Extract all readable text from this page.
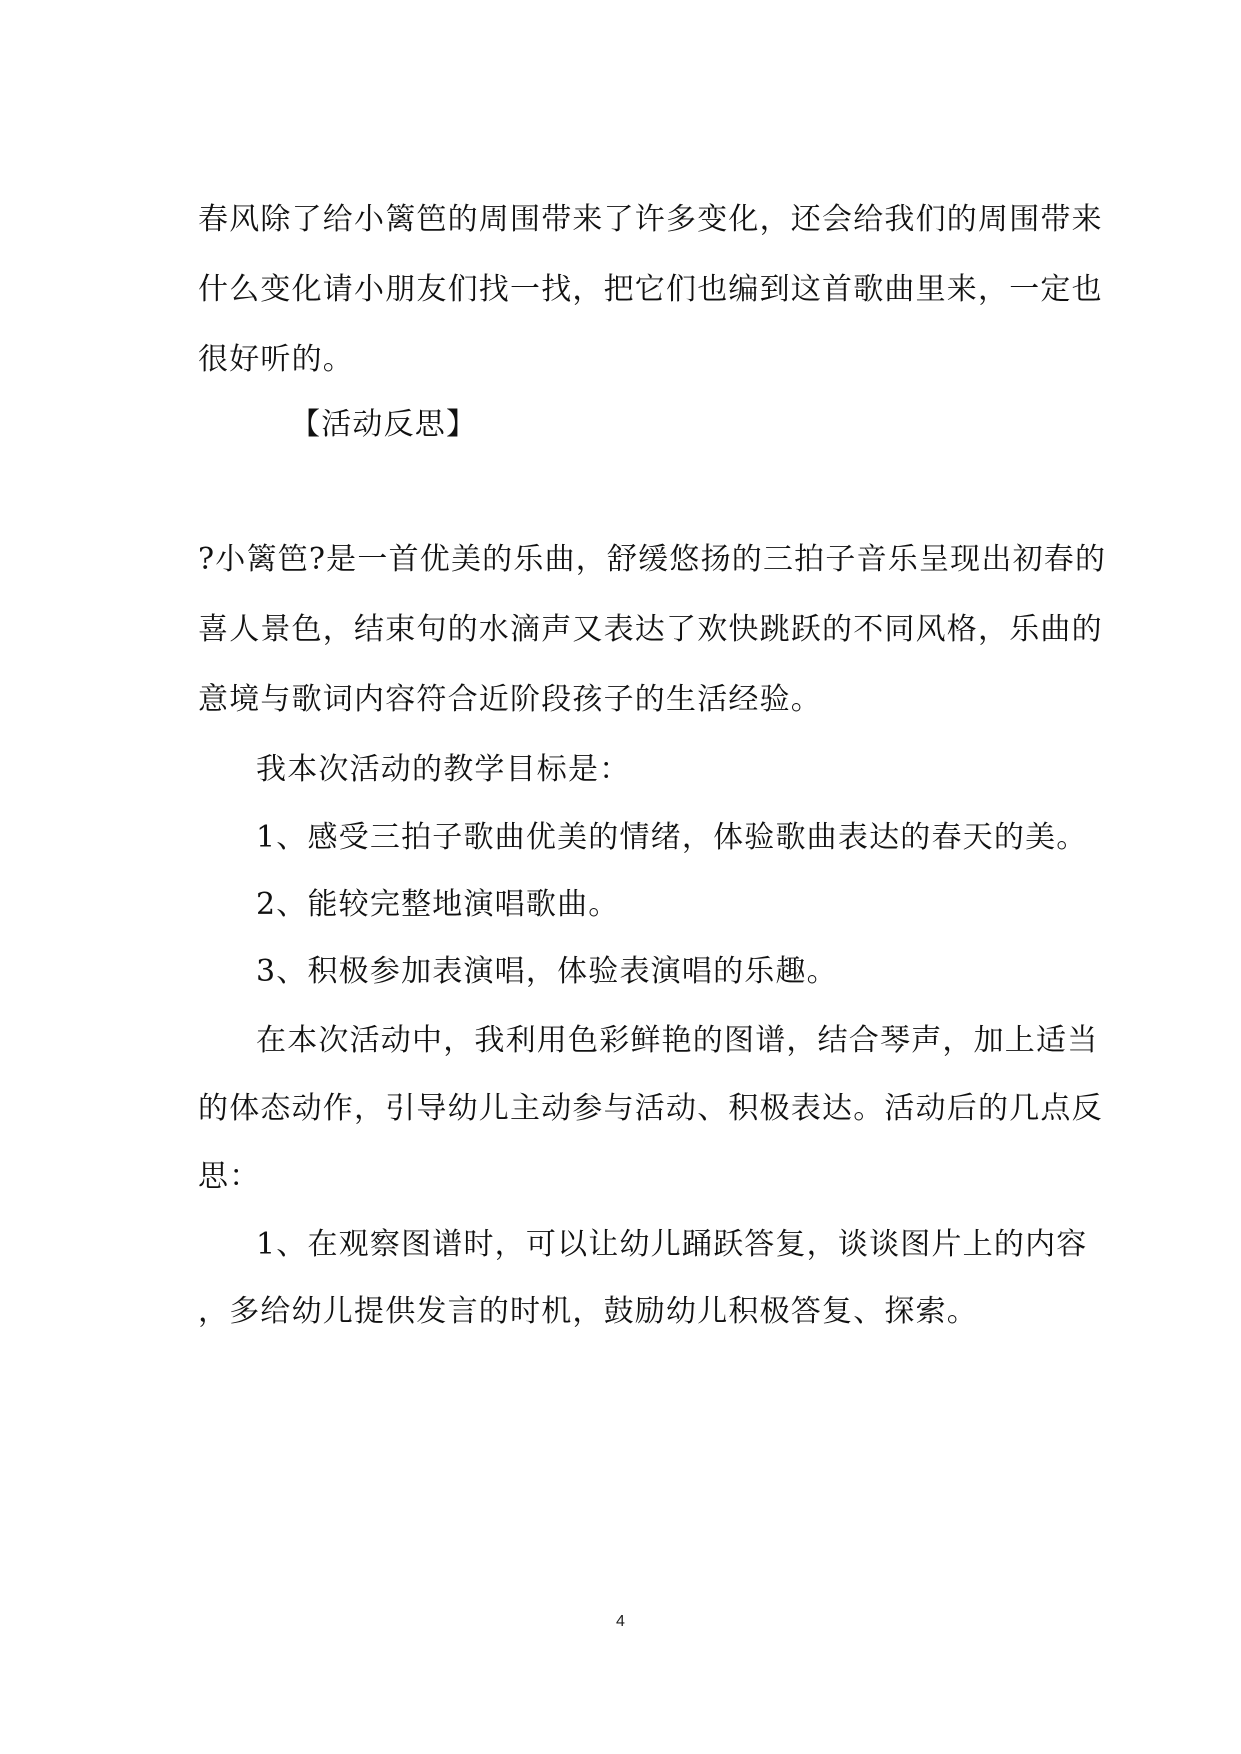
春风除了给小篱笆的周围带来了许多变化，还会给我们的周围带来
什么变化请小朋友们找一找，把它们也编到这首歌曲里来，一定也
很好听的。
【活动反思】
?小篱笆?是一首优美的乐曲，舒缓悠扬的三拍子音乐呈现出初春的
喜人景色，结束句的水滴声又表达了欢快跳跃的不同风格，乐曲的
意境与歌词内容符合近阶段孩子的生活经验。
我本次活动的教学目标是：
1、感受三拍子歌曲优美的情绪，体验歌曲表达的春天的美。
2、能较完整地演唱歌曲。
3、积极参加表演唱，体验表演唱的乐趣。
在本次活动中，我利用色彩鲜艳的图谱，结合琴声，加上适当
的体态动作，引导幼儿主动参与活动、积极表达。活动后的几点反
思：
1、在观察图谱时，可以让幼儿踊跃答复，谈谈图片上的内容
，多给幼儿提供发言的时机，鼓励幼儿积极答复、探索。
4
